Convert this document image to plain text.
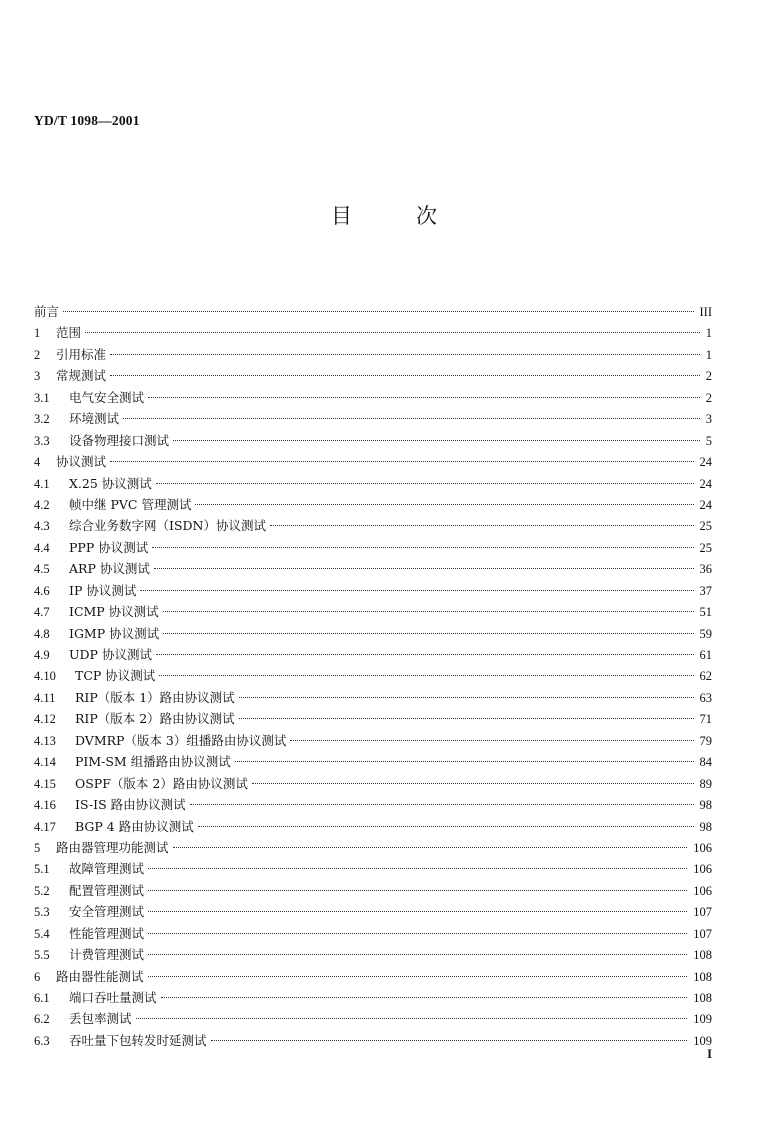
YD/T 1098—2001
目次
前言	III
1	范围	1
2	引用标准	1
3	常规测试	2
3.1	电气安全测试	2
3.2	环境测试	3
3.3	设备物理接口测试	5
4	协议测试	24
4.1	X.25 协议测试	24
4.2	帧中继 PVC 管理测试	24
4.3	综合业务数字网（ISDN）协议测试	25
4.4	PPP 协议测试	25
4.5	ARP 协议测试	36
4.6	IP 协议测试	37
4.7	ICMP 协议测试	51
4.8	IGMP 协议测试	59
4.9	UDP 协议测试	61
4.10	TCP 协议测试	62
4.11	RIP（版本 1）路由协议测试	63
4.12	RIP（版本 2）路由协议测试	71
4.13	DVMRP（版本 3）组播路由协议测试	79
4.14	PIM-SM 组播路由协议测试	84
4.15	OSPF（版本 2）路由协议测试	89
4.16	IS-IS 路由协议测试	98
4.17	BGP 4 路由协议测试	98
5	路由器管理功能测试	106
5.1	故障管理测试	106
5.2	配置管理测试	106
5.3	安全管理测试	107
5.4	性能管理测试	107
5.5	计费管理测试	108
6	路由器性能测试	108
6.1	端口吞吐量测试	108
6.2	丢包率测试	109
6.3	吞吐量下包转发时延测试	109
I
